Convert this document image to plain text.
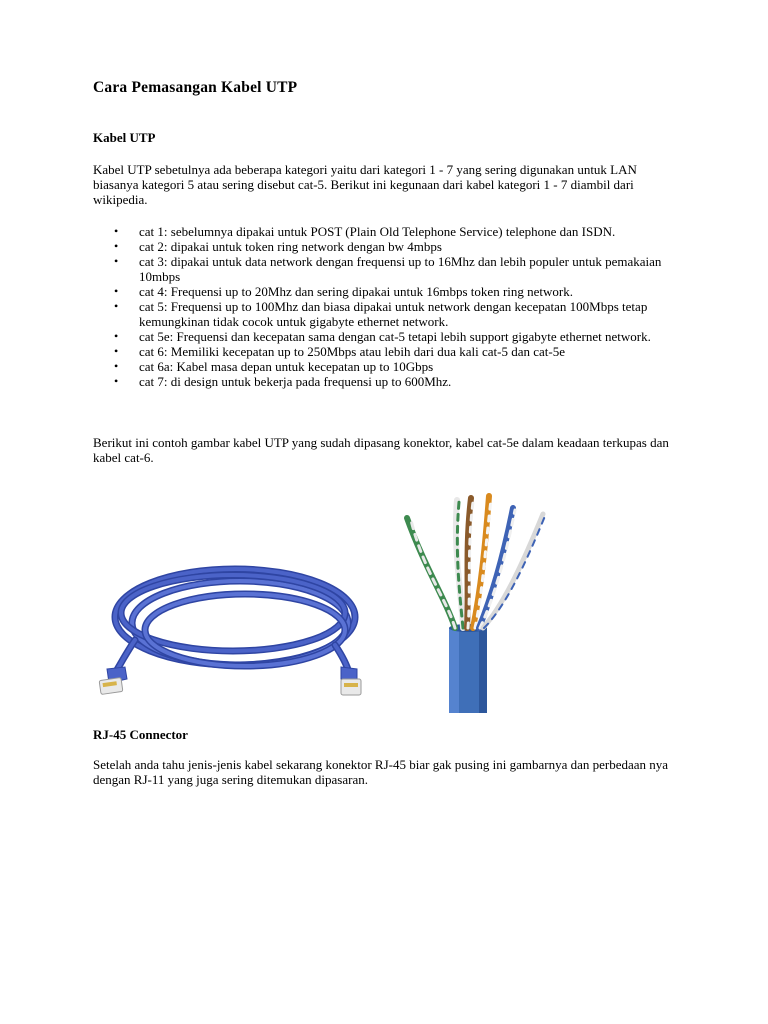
Cara Pemasangan Kabel UTP
Kabel UTP

Kabel UTP sebetulnya ada beberapa kategori yaitu dari kategori 1 - 7 yang sering digunakan untuk LAN biasanya kategori 5 atau sering disebut cat-5. Berikut ini kegunaan dari kabel kategori 1 - 7 diambil dari wikipedia.

• cat 1: sebelumnya dipakai untuk POST (Plain Old Telephone Service) telephone dan ISDN.
• cat 2: dipakai untuk token ring network dengan bw 4mbps
• cat 3: dipakai untuk data network dengan frequensi up to 16Mhz dan lebih populer untuk pemakaian 10mbps
• cat 4: Frequensi up to 20Mhz dan sering dipakai untuk 16mbps token ring network.
• cat 5: Frequensi up to 100Mhz dan biasa dipakai untuk network dengan kecepatan 100Mbps tetap kemungkinan tidak cocok untuk gigabyte ethernet network.
• cat 5e: Frequensi dan kecepatan sama dengan cat-5 tetapi lebih support gigabyte ethernet network.
• cat 6: Memiliki kecepatan up to 250Mbps atau lebih dari dua kali cat-5 dan cat-5e
• cat 6a: Kabel masa depan untuk kecepatan up to 10Gbps
• cat 7: di design untuk bekerja pada frequensi up to 600Mhz.

Berikut ini contoh gambar kabel UTP yang sudah dipasang konektor, kabel cat-5e dalam keadaan terkupas dan kabel cat-6.

RJ-45 Connector

Setelah anda tahu jenis-jenis kabel sekarang konektor RJ-45 biar gak pusing ini gambarnya dan perbedaan nya dengan RJ-11 yang juga sering ditemukan dipasaran.
